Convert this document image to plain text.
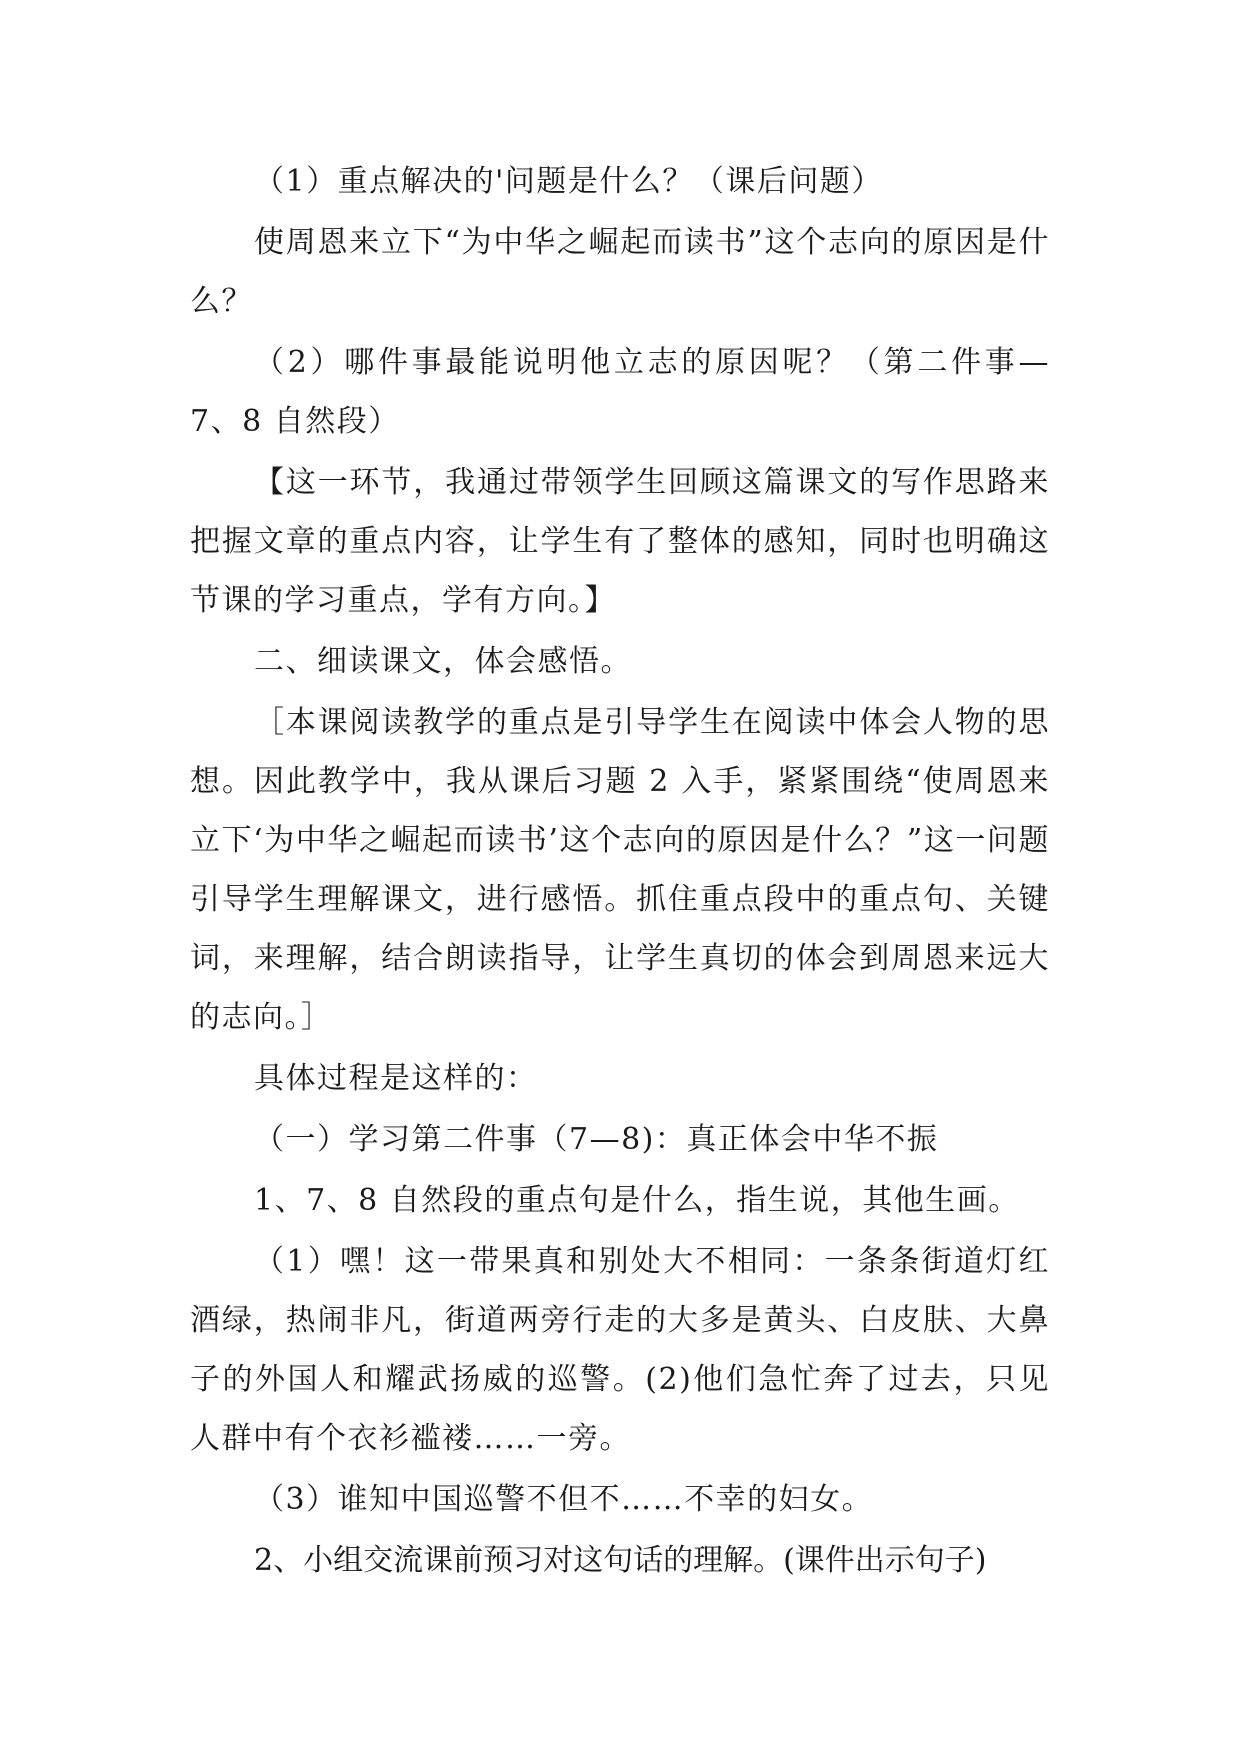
（1）重点解决的'问题是什么？（课后问题）

使周恩来立下“为中华之崛起而读书”这个志向的原因是什么？

（2）哪件事最能说明他立志的原因呢？（第二件事—7、8 自然段）

【这一环节，我通过带领学生回顾这篇课文的写作思路来把握文章的重点内容，让学生有了整体的感知，同时也明确这节课的学习重点，学有方向。】

二、细读课文，体会感悟。

［本课阅读教学的重点是引导学生在阅读中体会人物的思想。因此教学中，我从课后习题 2 入手，紧紧围绕“使周恩来立下‘为中华之崛起而读书’这个志向的原因是什么？”这一问题引导学生理解课文，进行感悟。抓住重点段中的重点句、关键词，来理解，结合朗读指导，让学生真切的体会到周恩来远大的志向。］

具体过程是这样的：

（一）学习第二件事（7—8)：真正体会中华不振

1、7、8 自然段的重点句是什么，指生说，其他生画。

（1）嘿！这一带果真和别处大不相同：一条条街道灯红酒绿，热闹非凡，街道两旁行走的大多是黄头、白皮肤、大鼻子的外国人和耀武扬威的巡警。(2)他们急忙奔了过去，只见人群中有个衣衫褴褛……一旁。

（3）谁知中国巡警不但不……不幸的妇女。

2、小组交流课前预习对这句话的理解。(课件出示句子)
